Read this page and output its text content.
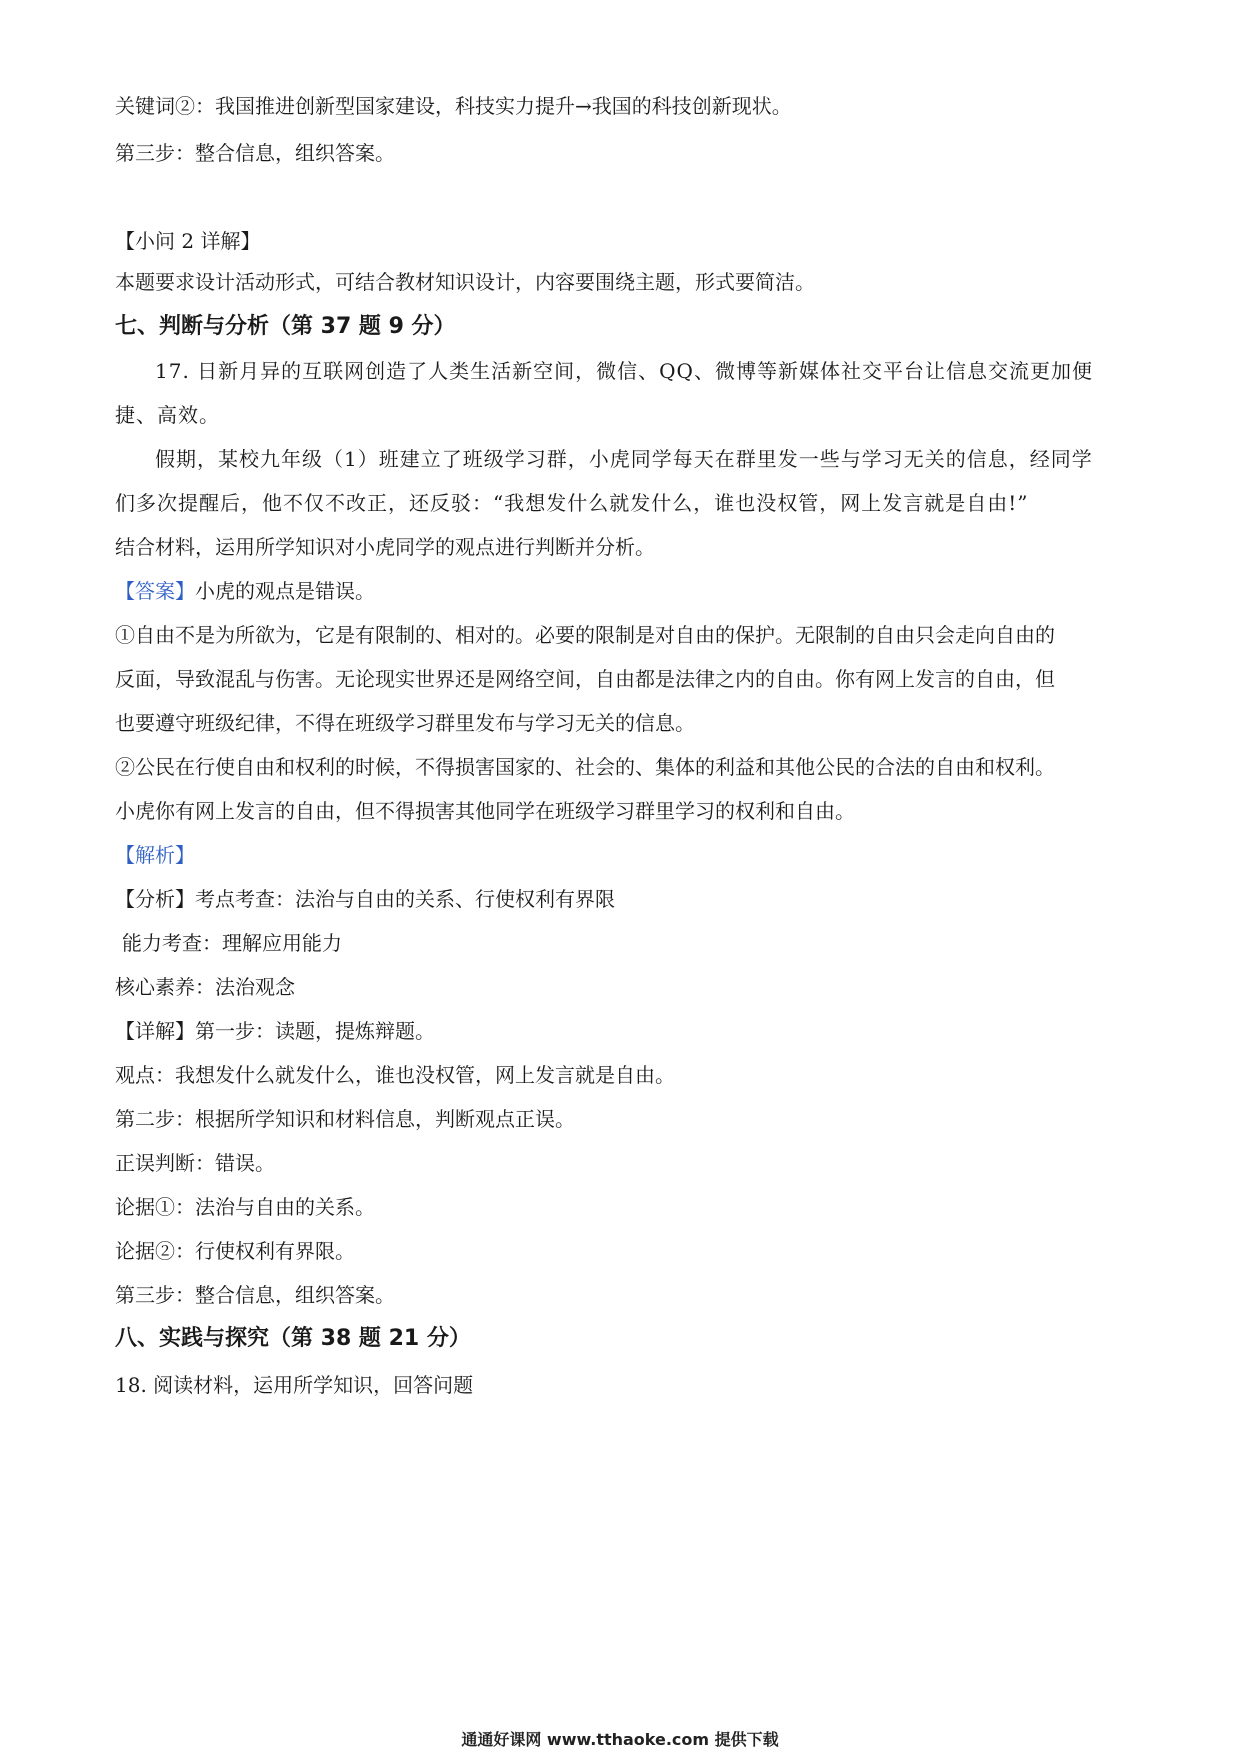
关键词②：我国推进创新型国家建设，科技实力提升→我国的科技创新现状。
第三步：整合信息，组织答案。
【小问 2 详解】
本题要求设计活动形式，可结合教材知识设计，内容要围绕主题，形式要简洁。
七、判断与分析（第 37 题 9 分）
17. 日新月异的互联网创造了人类生活新空间，微信、QQ、微博等新媒体社交平台让信息交流更加便
捷、高效。
假期，某校九年级（1）班建立了班级学习群，小虎同学每天在群里发一些与学习无关的信息，经同学
们多次提醒后，他不仅不改正，还反驳：“我想发什么就发什么，谁也没权管，网上发言就是自由!”
结合材料，运用所学知识对小虎同学的观点进行判断并分析。
【答案】小虎的观点是错误。
①自由不是为所欲为，它是有限制的、相对的。必要的限制是对自由的保护。无限制的自由只会走向自由的
反面，导致混乱与伤害。无论现实世界还是网络空间，自由都是法律之内的自由。你有网上发言的自由，但
也要遵守班级纪律，不得在班级学习群里发布与学习无关的信息。
②公民在行使自由和权利的时候，不得损害国家的、社会的、集体的利益和其他公民的合法的自由和权利。
小虎你有网上发言的自由，但不得损害其他同学在班级学习群里学习的权利和自由。
【解析】
【分析】考点考查：法治与自由的关系、行使权利有界限
能力考查：理解应用能力
核心素养：法治观念
【详解】第一步：读题，提炼辩题。
观点：我想发什么就发什么，谁也没权管，网上发言就是自由。
第二步：根据所学知识和材料信息，判断观点正误。
正误判断：错误。
论据①：法治与自由的关系。
论据②：行使权利有界限。
第三步：整合信息，组织答案。
八、实践与探究（第 38 题 21 分）
18. 阅读材料，运用所学知识，回答问题
通通好课网 www.tthaoke.com 提供下载
